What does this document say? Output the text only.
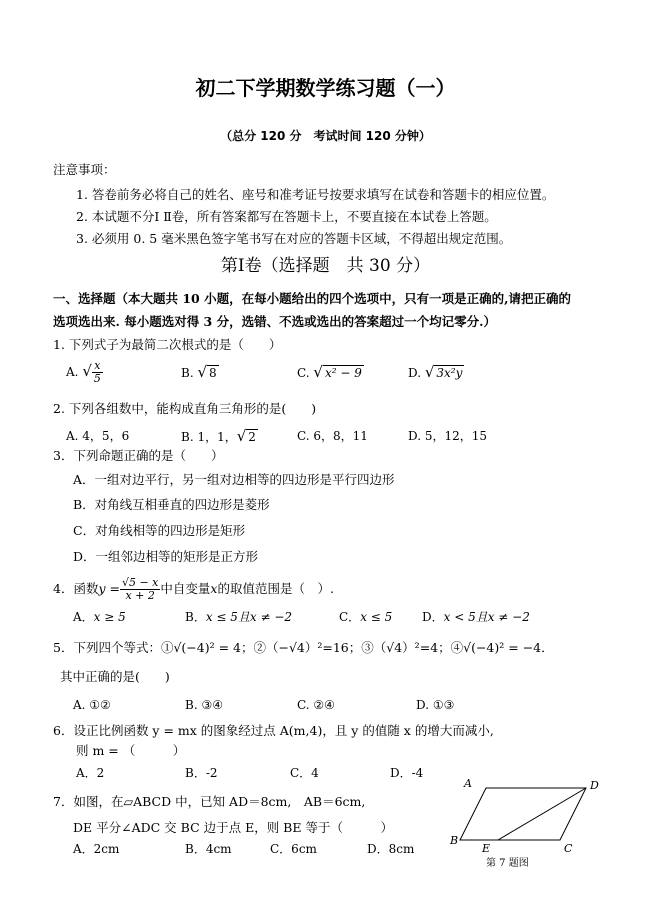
初二下学期数学练习题（一）
（总分 120 分　考试时间 120 分钟）
注意事项：
1. 答卷前务必将自己的姓名、座号和准考证号按要求填写在试卷和答题卡的相应位置。
2. 本试题不分Ⅰ Ⅱ卷，所有答案都写在答题卡上，不要直接在本试卷上答题。
3. 必须用 0. 5 毫米黑色签字笔书写在对应的答题卡区域，不得超出规定范围。
第Ⅰ卷（选择题　共 30 分）
一、选择题（本大题共 10 小题，在每小题给出的四个选项中，只有一项是正确的,请把正确的
选项选出来. 每小题选对得 3 分，选错、不选或选出的答案超过一个均记零分.）
1. 下列式子为最简二次根式的是（　　）
A. √ $\frac{x}{5}$	B. √ 8	C. √ x² − 9	D. √ 3x²y
2. 下列各组数中，能构成直角三角形的是(　　)
A. 4，5，6	B. 1，1，√ 2	C. 6，8，11	D. 5，12，15
3．下列命题正确的是（　　）
A．一组对边平行，另一组对边相等的四边形是平行四边形
B．对角线互相垂直的四边形是菱形
C．对角线相等的四边形是矩形
D．一组邻边相等的矩形是正方形
4．函数$y = \frac{√5 - x}{x + 2}$ 中自变量x的取值范围是（　）.
A．x ≥ 5	B．x ≤ 5且x ≠ −2	C．x ≤ 5 D．x < 5且x ≠ −2
5．下列四个等式：①√(−4)² = 4；②（−√4）²=16；③（√4）²=4；④√(−4)² = −4．
其中正确的是(　　)
A. ①②	B. ③④	C. ②④	D. ①③
6．设正比例函数 y = mx 的图象经过点 A(m,4)，且 y 的值随 x 的增大而减小,
则 m = （　　　）
A．2	B．-2	C．4	D．-4
7．如图，在▱ABCD 中，已知 AD＝8cm,　AB＝6cm,
DE 平分∠ADC 交 BC 边于点 E，则 BE 等于（　　　）
A．2cm	B．4cm	C．6cm	D．8cm
A	D
B
E	C
第 7 题图
